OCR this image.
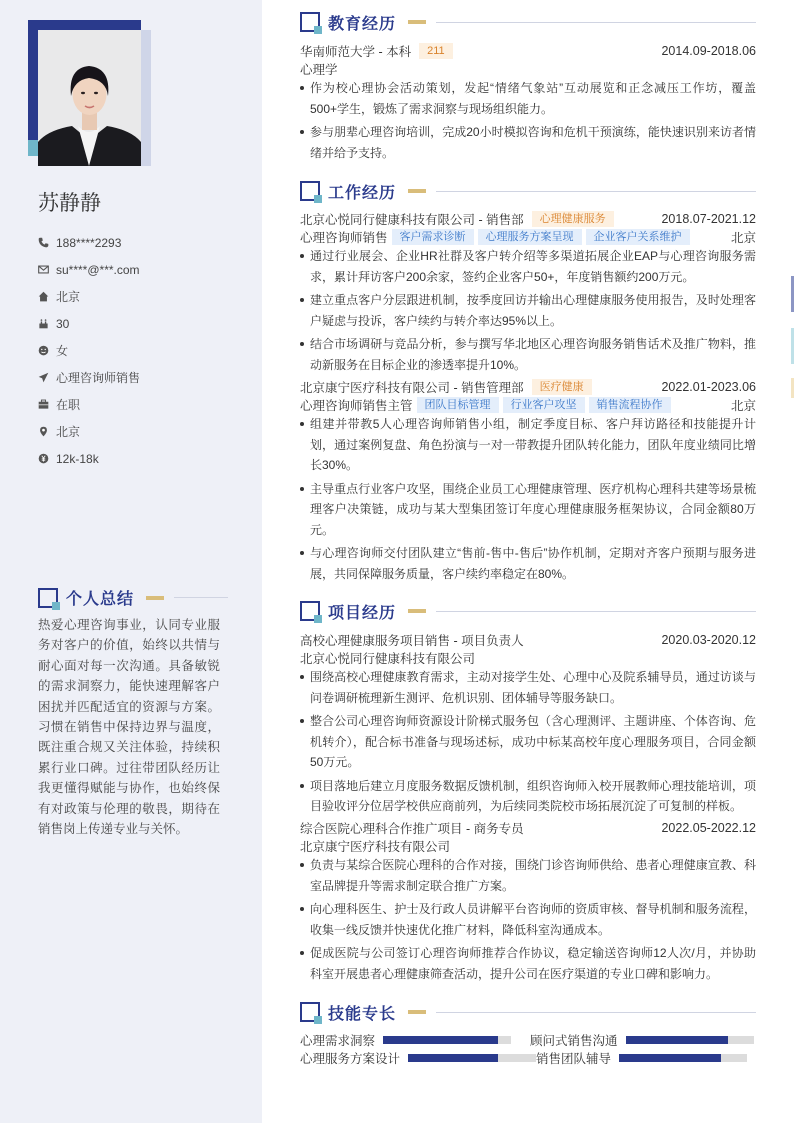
苏静静
188****2293
su****@***.com
北京
30
女
心理咨询师销售
在职
北京
12k-18k
个人总结
热爱心理咨询事业，认同专业服务对客户的价值，始终以共情与耐心面对每一次沟通。具备敏锐的需求洞察力，能快速理解客户困扰并匹配适宜的资源与方案。习惯在销售中保持边界与温度，既注重合规又关注体验，持续积累行业口碑。过往带团队经历让我更懂得赋能与协作，也始终保有对政策与伦理的敬畏，期待在销售岗上传递专业与关怀。
教育经历
华南师范大学 - 本科	211	2014.09-2018.06
心理学
作为校心理协会活动策划，发起“情绪气象站”互动展览和正念减压工作坊，覆盖500+学生，锻炼了需求洞察与现场组织能力。
参与朋辈心理咨询培训，完成20小时模拟咨询和危机干预演练，能快速识别来访者情绪并给予支持。
工作经历
北京心悦同行健康科技有限公司 - 销售部	心理健康服务	2018.07-2021.12
心理咨询师销售	客户需求诊断	心理服务方案呈现	企业客户关系维护	北京
通过行业展会、企业HR社群及客户转介绍等多渠道拓展企业EAP与心理咨询服务需求，累计拜访客户200余家，签约企业客户50+，年度销售额约200万元。
建立重点客户分层跟进机制，按季度回访并输出心理健康服务使用报告，及时处理客户疑虑与投诉，客户续约与转介率达95%以上。
结合市场调研与竞品分析，参与撰写华北地区心理咨询服务销售话术及推广物料，推动新服务在目标企业的渗透率提升10%。
北京康宁医疗科技有限公司 - 销售管理部	医疗健康	2022.01-2023.06
心理咨询师销售主管	团队目标管理	行业客户攻坚	销售流程协作	北京
组建并带教5人心理咨询师销售小组，制定季度目标、客户拜访路径和技能提升计划，通过案例复盘、角色扮演与一对一带教提升团队转化能力，团队年度业绩同比增长30%。
主导重点行业客户攻坚，围绕企业员工心理健康管理、医疗机构心理科共建等场景梳理客户决策链，成功与某大型集团签订年度心理健康服务框架协议，合同金额80万元。
与心理咨询师交付团队建立“售前-售中-售后”协作机制，定期对齐客户预期与服务进展，共同保障服务质量，客户续约率稳定在80%。
项目经历
高校心理健康服务项目销售 - 项目负责人	2020.03-2020.12
北京心悦同行健康科技有限公司
围绕高校心理健康教育需求，主动对接学生处、心理中心及院系辅导员，通过访谈与问卷调研梳理新生测评、危机识别、团体辅导等服务缺口。
整合公司心理咨询师资源设计阶梯式服务包（含心理测评、主题讲座、个体咨询、危机转介），配合标书准备与现场述标，成功中标某高校年度心理服务项目，合同金额50万元。
项目落地后建立月度服务数据反馈机制，组织咨询师入校开展教师心理技能培训，项目验收评分位居学校供应商前列，为后续同类院校市场拓展沉淀了可复制的样板。
综合医院心理科合作推广项目 - 商务专员	2022.05-2022.12
北京康宁医疗科技有限公司
负责与某综合医院心理科的合作对接，围绕门诊咨询师供给、患者心理健康宣教、科室品牌提升等需求制定联合推广方案。
向心理科医生、护士及行政人员讲解平台咨询师的资质审核、督导机制和服务流程，收集一线反馈并快速优化推广材料，降低科室沟通成本。
促成医院与公司签订心理咨询师推荐合作协议，稳定输送咨询师12人次/月，并协助科室开展患者心理健康筛查活动，提升公司在医疗渠道的专业口碑和影响力。
技能专长
心理需求洞察	顾问式销售沟通
心理服务方案设计	销售团队辅导
